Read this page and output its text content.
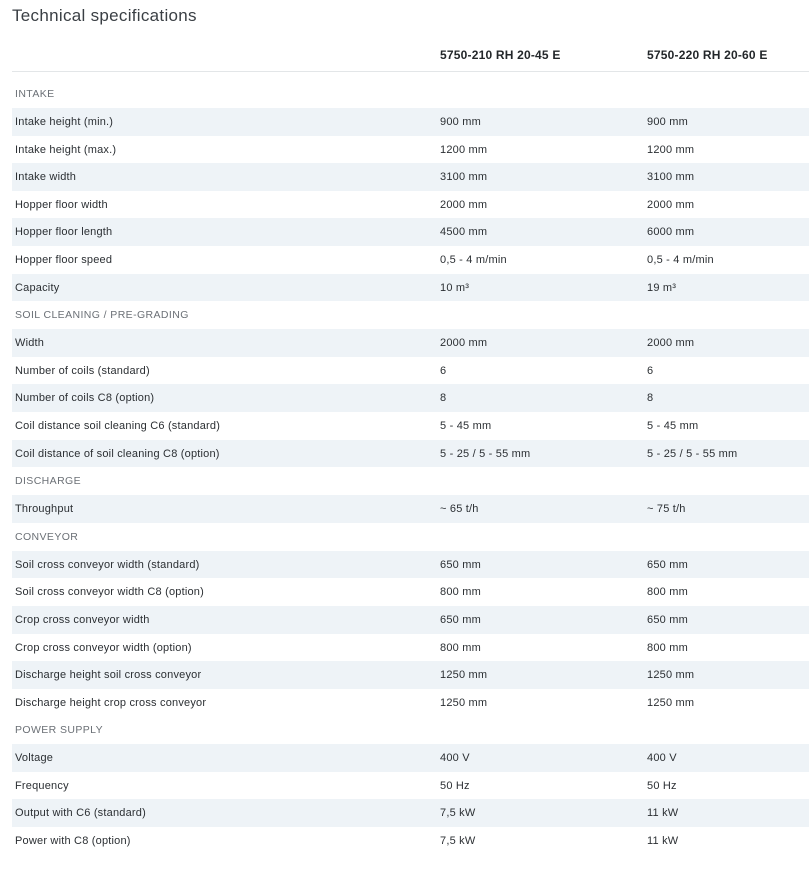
Technical specifications
5750-210 RH 20-45 E	5750-220 RH 20-60 E
INTAKE
Intake height (min.)	900 mm	900 mm
Intake height (max.)	1200 mm	1200 mm
Intake width	3100 mm	3100 mm
Hopper floor width	2000 mm	2000 mm
Hopper floor length	4500 mm	6000 mm
Hopper floor speed	0,5 - 4 m/min	0,5 - 4 m/min
Capacity	10 m³	19 m³
SOIL CLEANING / PRE-GRADING
Width	2000 mm	2000 mm
Number of coils (standard)	6	6
Number of coils C8 (option)	8	8
Coil distance soil cleaning C6 (standard)	5 - 45 mm	5 - 45 mm
Coil distance of soil cleaning C8 (option)	5 - 25 / 5 - 55 mm	5 - 25 / 5 - 55 mm
DISCHARGE
Throughput	~ 65 t/h	~ 75 t/h
CONVEYOR
Soil cross conveyor width (standard)	650 mm	650 mm
Soil cross conveyor width C8 (option)	800 mm	800 mm
Crop cross conveyor width	650 mm	650 mm
Crop cross conveyor width (option)	800 mm	800 mm
Discharge height soil cross conveyor	1250 mm	1250 mm
Discharge height crop cross conveyor	1250 mm	1250 mm
POWER SUPPLY
Voltage	400 V	400 V
Frequency	50 Hz	50 Hz
Output with C6 (standard)	7,5 kW	11 kW
Power with C8 (option)	7,5 kW	11 kW
